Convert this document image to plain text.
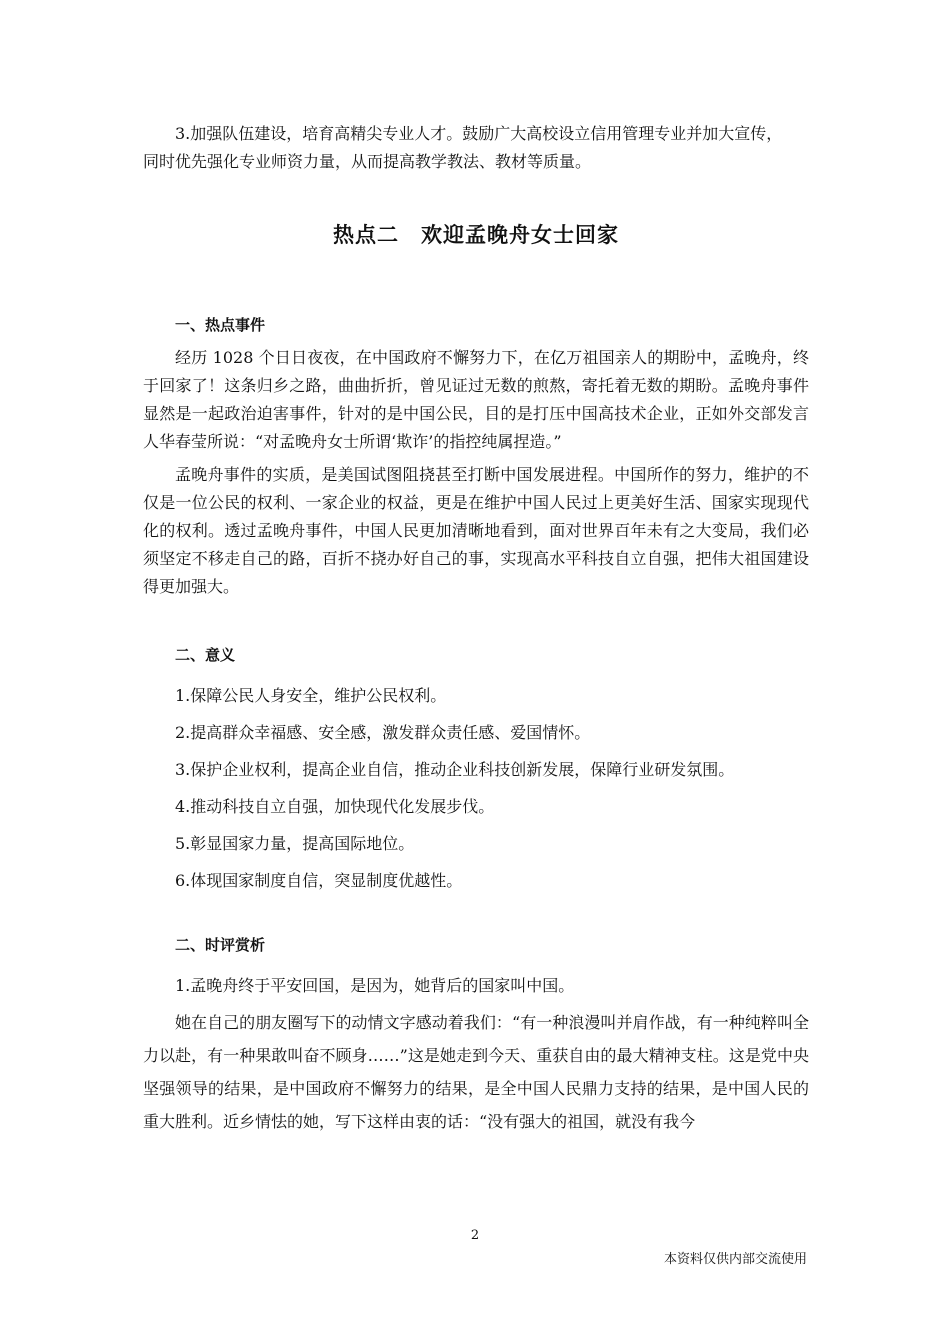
3.加强队伍建设，培育高精尖专业人才。鼓励广大高校设立信用管理专业并加大宣传，

同时优先强化专业师资力量，从而提高教学教法、教材等质量。

热点二　欢迎孟晚舟女士回家
一、热点事件

经历 1028 个日日夜夜，在中国政府不懈努力下，在亿万祖国亲人的期盼中，孟晚舟，终于回家了！这条归乡之路，曲曲折折，曾见证过无数的煎熬，寄托着无数的期盼。孟晚舟事件显然是一起政治迫害事件，针对的是中国公民，目的是打压中国高技术企业，正如外交部发言人华春莹所说：“对孟晚舟女士所谓‘欺诈’的指控纯属捏造。”

孟晚舟事件的实质，是美国试图阻挠甚至打断中国发展进程。中国所作的努力，维护的不仅是一位公民的权利、一家企业的权益，更是在维护中国人民过上更美好生活、国家实现现代化的权利。透过孟晚舟事件，中国人民更加清晰地看到，面对世界百年未有之大变局，我们必须坚定不移走自己的路，百折不挠办好自己的事，实现高水平科技自立自强，把伟大祖国建设得更加强大。

二、意义

1.保障公民人身安全，维护公民权利。

2.提高群众幸福感、安全感，激发群众责任感、爱国情怀。

3.保护企业权利，提高企业自信，推动企业科技创新发展，保障行业研发氛围。

4.推动科技自立自强，加快现代化发展步伐。

5.彰显国家力量，提高国际地位。

6.体现国家制度自信，突显制度优越性。

二、时评赏析

1.孟晚舟终于平安回国，是因为，她背后的国家叫中国。

她在自己的朋友圈写下的动情文字感动着我们：“有一种浪漫叫并肩作战，有一种纯粹叫全力以赴，有一种果敢叫奋不顾身……”这是她走到今天、重获自由的最大精神支柱。这是党中央坚强领导的结果，是中国政府不懈努力的结果，是全中国人民鼎力支持的结果，是中国人民的重大胜利。近乡情怯的她，写下这样由衷的话：“没有强大的祖国，就没有我今

2
本资料仅供内部交流使用
